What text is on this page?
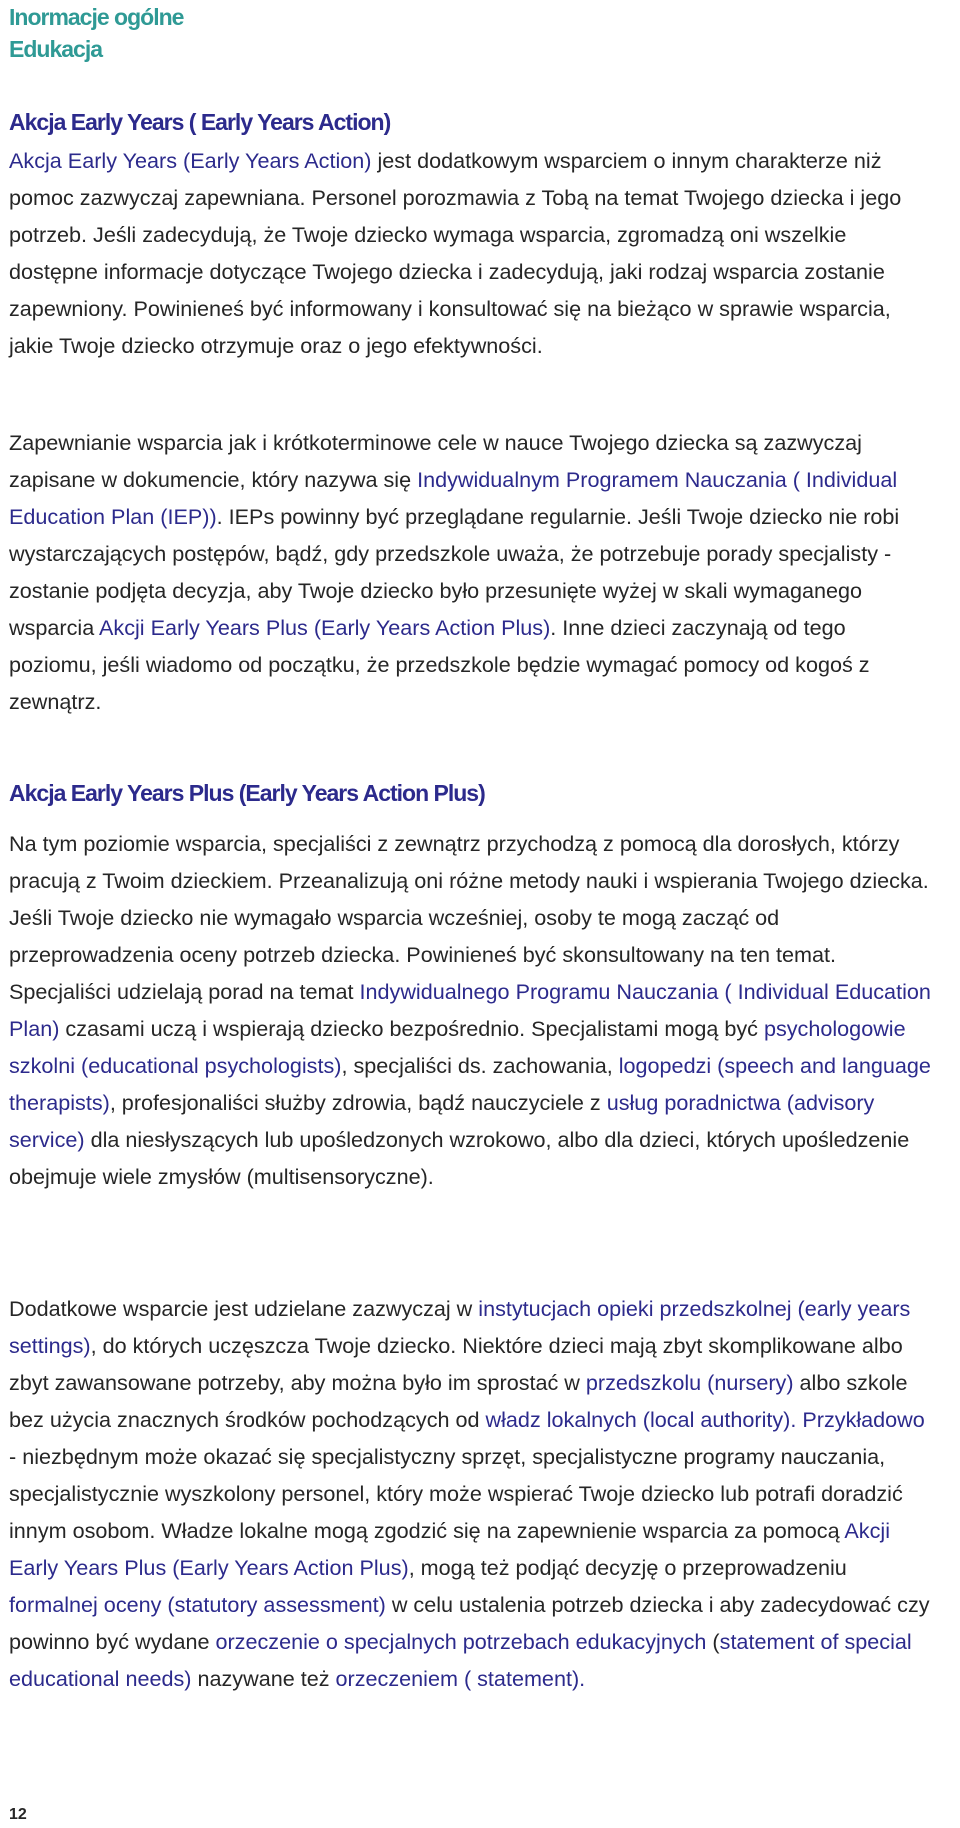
Inormacje ogólne
Edukacja
Akcja Early Years ( Early Years Action)

Akcja Early Years (Early Years Action) jest dodatkowym wsparciem o innym charakterze niż pomoc zazwyczaj zapewniana. Personel porozmawia z Tobą na temat Twojego dziecka i jego potrzeb. Jeśli zadecydują, że Twoje dziecko wymaga wsparcia, zgromadzą oni wszelkie dostępne informacje dotyczące Twojego dziecka i zadecydują, jaki rodzaj wsparcia zostanie zapewniony. Powinieneś być informowany i konsultować się na bieżąco w sprawie wsparcia, jakie Twoje dziecko otrzymuje oraz o jego efektywności.

Zapewnianie wsparcia jak i krótkoterminowe cele w nauce Twojego dziecka są zazwyczaj zapisane w dokumencie, który nazywa się Indywidualnym Programem Nauczania ( Individual Education Plan (IEP)). IEPs powinny być przeglądane regularnie. Jeśli Twoje dziecko nie robi wystarczających postępów, bądź, gdy przedszkole uważa, że potrzebuje porady specjalisty - zostanie podjęta decyzja, aby Twoje dziecko było przesunięte wyżej w skali wymaganego wsparcia Akcji Early Years Plus (Early Years Action Plus). Inne dzieci zaczynają od tego poziomu, jeśli wiadomo od początku, że przedszkole będzie wymagać pomocy od kogoś z zewnątrz.

Akcja Early Years Plus (Early Years Action Plus)

Na tym poziomie wsparcia, specjaliści z zewnątrz przychodzą z pomocą dla dorosłych, którzy pracują z Twoim dzieckiem. Przeanalizują oni różne metody nauki i wspierania Twojego dziecka. Jeśli Twoje dziecko nie wymagało wsparcia wcześniej, osoby te mogą zacząć od przeprowadzenia oceny potrzeb dziecka. Powinieneś być skonsultowany na ten temat. Specjaliści udzielają porad na temat Indywidualnego Programu Nauczania ( Individual Education Plan) czasami uczą i wspierają dziecko bezpośrednio. Specjalistami mogą być psychologowie szkolni (educational psychologists), specjaliści ds. zachowania, logopedzi (speech and language therapists), profesjonaliści służby zdrowia, bądź nauczyciele z usług poradnictwa (advisory service) dla niesłyszących lub upośledzonych wzrokowo, albo dla dzieci, których upośledzenie obejmuje wiele zmysłów (multisensoryczne).

Dodatkowe wsparcie jest udzielane zazwyczaj w instytucjach opieki przedszkolnej (early years settings), do których uczęszcza Twoje dziecko. Niektóre dzieci mają zbyt skomplikowane albo zbyt zawansowane potrzeby, aby można było im sprostać w przedszkolu (nursery) albo szkole bez użycia znacznych środków pochodzących od władz lokalnych (local authority). Przykładowo - niezbędnym może okazać się specjalistyczny sprzęt, specjalistyczne programy nauczania, specjalistycznie wyszkolony personel, który może wspierać Twoje dziecko lub potrafi doradzić innym osobom. Władze lokalne mogą zgodzić się na zapewnienie wsparcia za pomocą Akcji Early Years Plus (Early Years Action Plus), mogą też podjąć decyzję o przeprowadzeniu formalnej oceny (statutory assessment) w celu ustalenia potrzeb dziecka i aby zadecydować czy powinno być wydane orzeczenie o specjalnych potrzebach edukacyjnych (statement of special educational needs) nazywane też orzeczeniem ( statement).

12
